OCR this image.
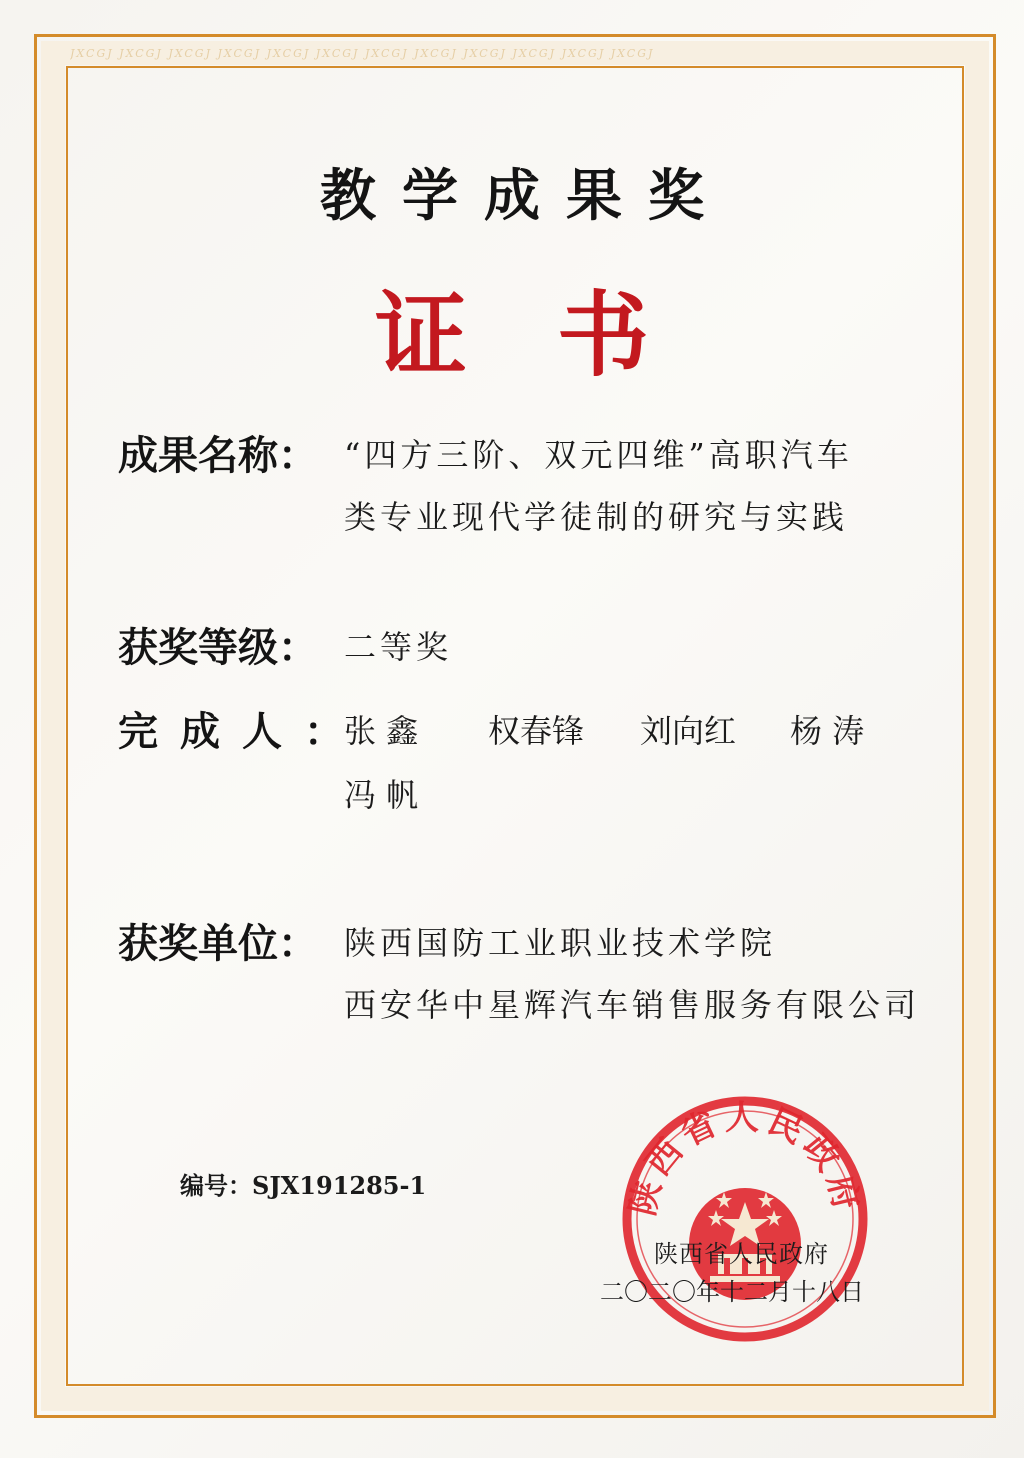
JXCGJ JXCGJ JXCGJ JXCGJ JXCGJ JXCGJ JXCGJ JXCGJ JXCGJ JXCGJ JXCGJ JXCGJ
教学成果奖
证书
成果名称： “四方三阶、双元四维”高职汽车
类专业现代学徒制的研究与实践
获奖等级： 二等奖
完成人：
张 鑫 权春锋 刘向红 杨 涛
冯 帆
获奖单位： 陕西国防工业职业技术学院
西安华中星辉汽车销售服务有限公司
编号：SJX191285-1	陕西省人民政府
陕西省人民政府
二〇二〇年十二月十八日
